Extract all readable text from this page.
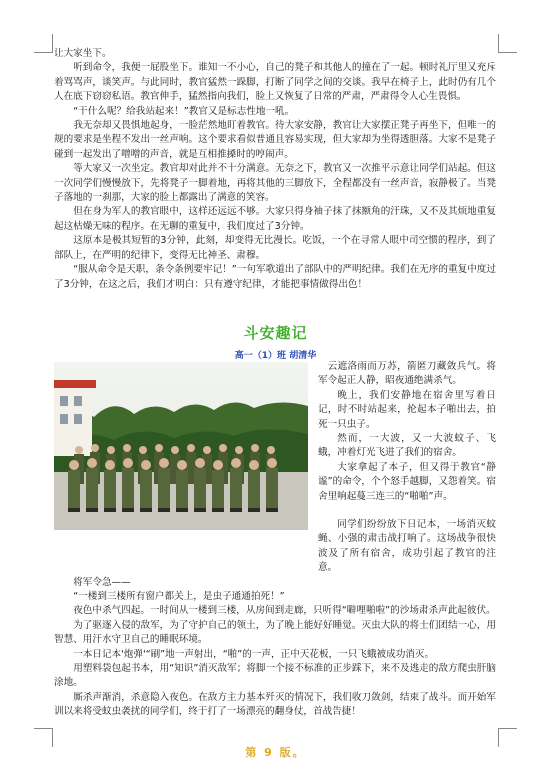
让大家坐下。

听到命令，我便一屁股坐下。谁知一不小心，自己的凳子和其他人的撞在了一起。顿时礼厅里又充斥着骂骂声，谈笑声。与此同时，教官猛然一跺脚，打断了同学之间的交谈。我早在椅子上，此时仍有几个人在底下窃窃私语。教官伸手，猛然指向我们，脸上又恢复了日常的严肃，严肃得令人心生畏惧。

“干什么呢？给我站起来！”教官又是标志性地一吼。

我无奈却又畏惧地起身，一脸茫然地盯着教官。待大家安静，教官让大家摆正凳子再坐下，但唯一的规的要求是坐程不发出一丝声响。这个要求看似普通且容易实现，但大家却为坐得透胆落。大家不是凳子碰到一起发出了噌噌的声音，就是互相推搡时的哼闹声。

等大家又一次坐定。教官却对此并不十分满意。无奈之下，教官又一次推平示意让同学们站起。但这一次同学们慢慢放下，先将凳子一脚着地，再将其他的三脚放下，全程都没有一丝声音，寂静极了。当凳子落地的一刹那，大家的脸上都露出了满意的笑容。

但在身为军人的教官眼中，这样还远远不够。大家只得身袖子抹了抹额角的汗珠，又不及其烦地重复起这枯燥无味的程序。在无聊的重复中，我们度过了3分钟。

这原本是极其短暂的3分钟，此刻，却变得无比漫长。吃饭，一个在寻常人眼中司空惯的程序，到了部队上，在严明的纪律下，变得无比神圣、肃穆。

“服从命令是天职，条令条例要牢记！”一句军歌道出了部队中的严明纪律。我们在无序的重复中度过了3分钟，在这之后，我们才明白：只有遵守纪律，才能把事情做得出色！

斗安趣记
高一（1）班 胡清华

云遮洛雨而万苏，箭匿刀藏敛兵气。将军令起正人静，昭夜通绝满杀气。

晚上，我们安静地在宿舍里写着日记，时不时站起来，抡起本子啪出去，拍死一只虫子。

然而，一大波，又一大波蚊子、飞蛾，冲着灯光飞进了我们的宿舍。

大家拿起了本子，但又得于教官“静谧”的命令，个个怒手越脚，又怨着笑。宿舍里响起蔓三连三的“啪啪”声。

同学们纷纷放下日记本，一场消灭蚊蝇、小强的肃击战打响了。这场战争很快波及了所有宿舍，成功引起了教官的注意。

将军令急——

“一楼到三楼所有窗户都关上，是虫子通通拍死！”

夜色中杀气四起。一时间从一楼到三楼，从房间到走廊，只听得“噼哩啪啦”的沙场肃杀声此起彼伏。

为了驱逐入侵的敌军，为了守护自己的领土，为了晚上能好好睡觉。灭虫大队的将士们团结一心，用智慧、用汗水守卫自己的睡眠环境。

一本日记本'炮弹'“刷”地一声射出，“啪”的一声，正中天花板，一只飞蛾被成功消灭。

用塑料袋包起书本，用“知识”消灭敌军；将脚一个接不标准的正步踩下，来不及逃走的敌方爬虫肝脑涂地。

厮杀声渐消，杀意隐入夜色。在敌方主力基本歼灭的情况下，我们收刀敛剑，结束了战斗。而开始军训以来将受蚊虫袭扰的同学们，终于打了一场漂亮的翻身仗，首战告捷！

第 9 版。
